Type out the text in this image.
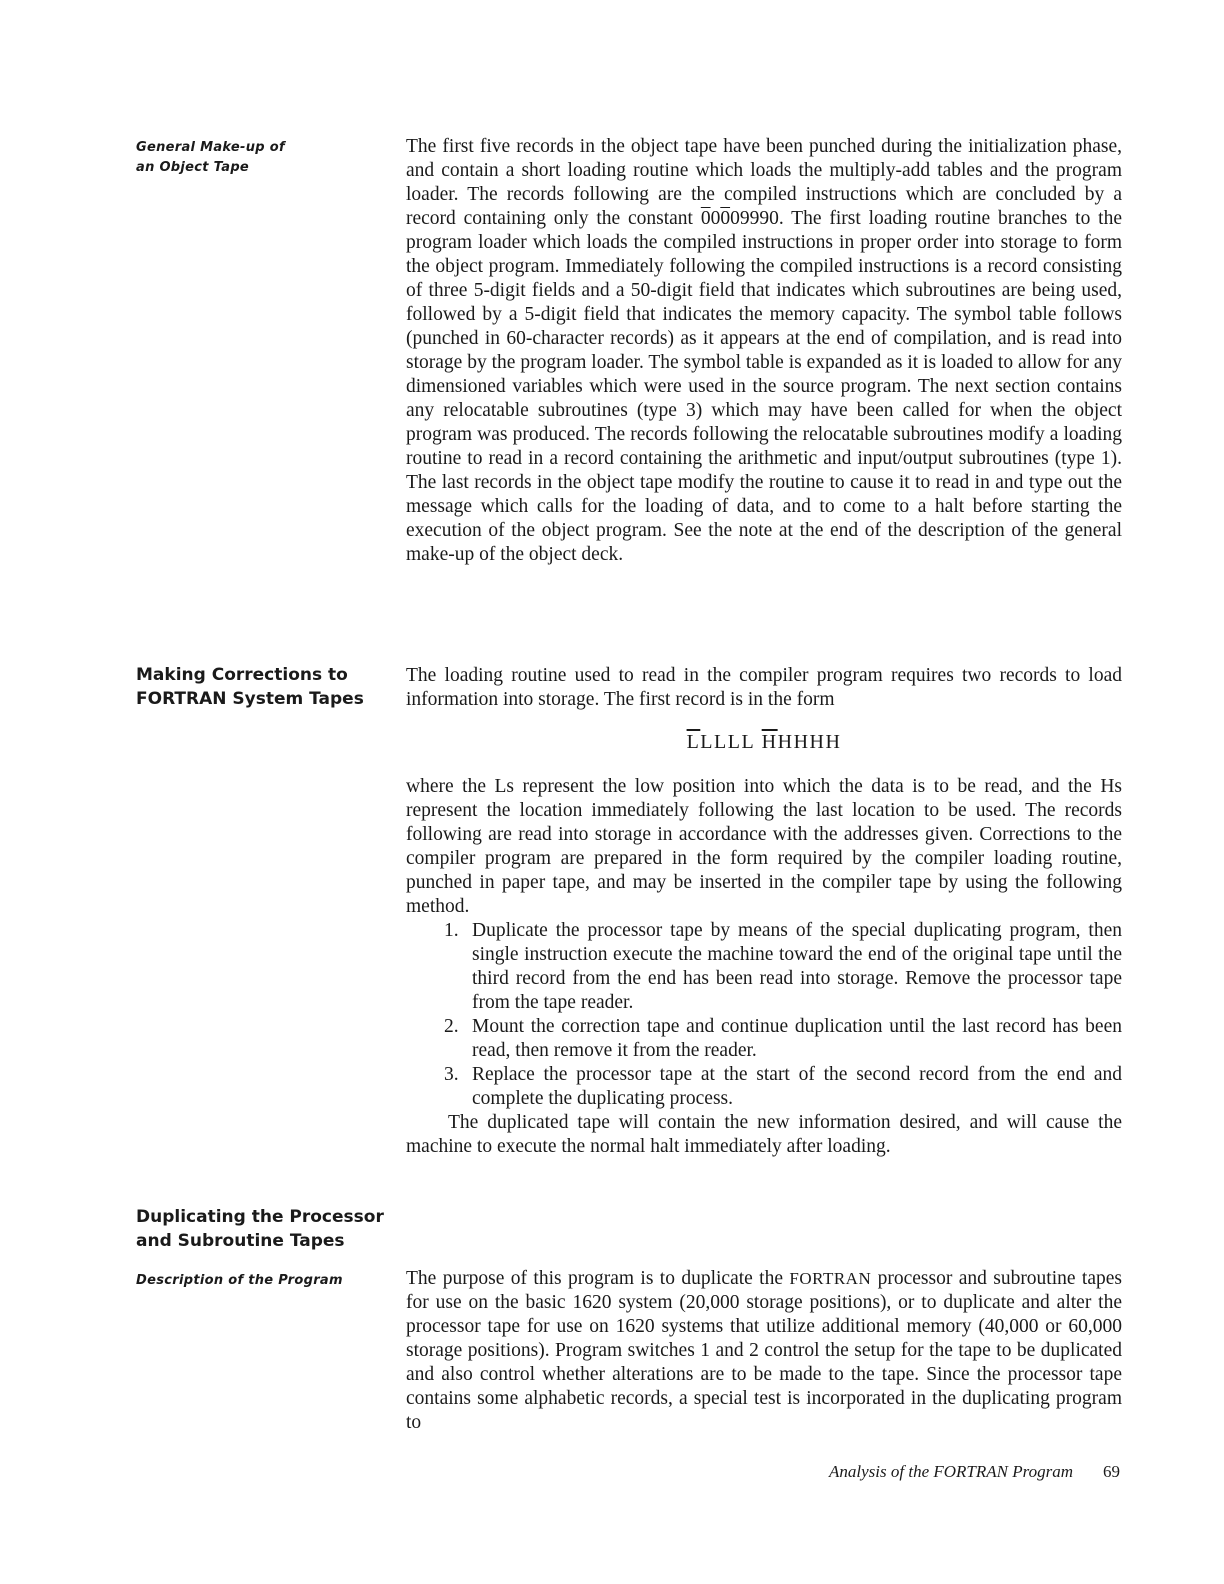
General Make-up of
an Object Tape

The first five records in the object tape have been punched during the initialization phase, and contain a short loading routine which loads the multiply-add tables and the program loader. The records following are the compiled instructions which are concluded by a record containing only the constant 00009990. The first loading routine branches to the program loader which loads the compiled instructions in proper order into storage to form the object program. Immediately following the compiled instructions is a record consisting of three 5-digit fields and a 50-digit field that indicates which subroutines are being used, followed by a 5-digit field that indicates the memory capacity. The symbol table follows (punched in 60-character records) as it appears at the end of compilation, and is read into storage by the program loader. The symbol table is expanded as it is loaded to allow for any dimensioned variables which were used in the source program. The next section contains any relocatable subroutines (type 3) which may have been called for when the object program was produced. The records following the relocatable subroutines modify a loading routine to read in a record containing the arithmetic and input/output subroutines (type 1). The last records in the object tape modify the routine to cause it to read in and type out the message which calls for the loading of data, and to come to a halt before starting the execution of the object program. See the note at the end of the description of the general make-up of the object deck.

Making Corrections to
FORTRAN System Tapes

The loading routine used to read in the compiler program requires two records to load information into storage. The first record is in the form

$\overline{L}LLLL$ $\overline{H}HHHH$

where the Ls represent the low position into which the data is to be read, and the Hs represent the location immediately following the last location to be used. The records following are read into storage in accordance with the addresses given. Corrections to the compiler program are prepared in the form required by the compiler loading routine, punched in paper tape, and may be inserted in the compiler tape by using the following method.

1. Duplicate the processor tape by means of the special duplicating program, then single instruction execute the machine toward the end of the original tape until the third record from the end has been read into storage. Remove the processor tape from the tape reader.
2. Mount the correction tape and continue duplication until the last record has been read, then remove it from the reader.
3. Replace the processor tape at the start of the second record from the end and complete the duplicating process.

The duplicated tape will contain the new information desired, and will cause the machine to execute the normal halt immediately after loading.

Duplicating the Processor
and Subroutine Tapes
Description of the Program	The purpose of this program is to duplicate the FORTRAN processor and subroutine tapes for use on the basic 1620 system (20,000 storage positions), or to duplicate and alter the processor tape for use on 1620 systems that utilize additional memory (40,000 or 60,000 storage positions). Program switches 1 and 2 control the setup for the tape to be duplicated and also control whether alterations are to be made to the tape. Since the processor tape contains some alphabetic records, a special test is incorporated in the duplicating program to

Analysis of the FORTRAN Program 69
